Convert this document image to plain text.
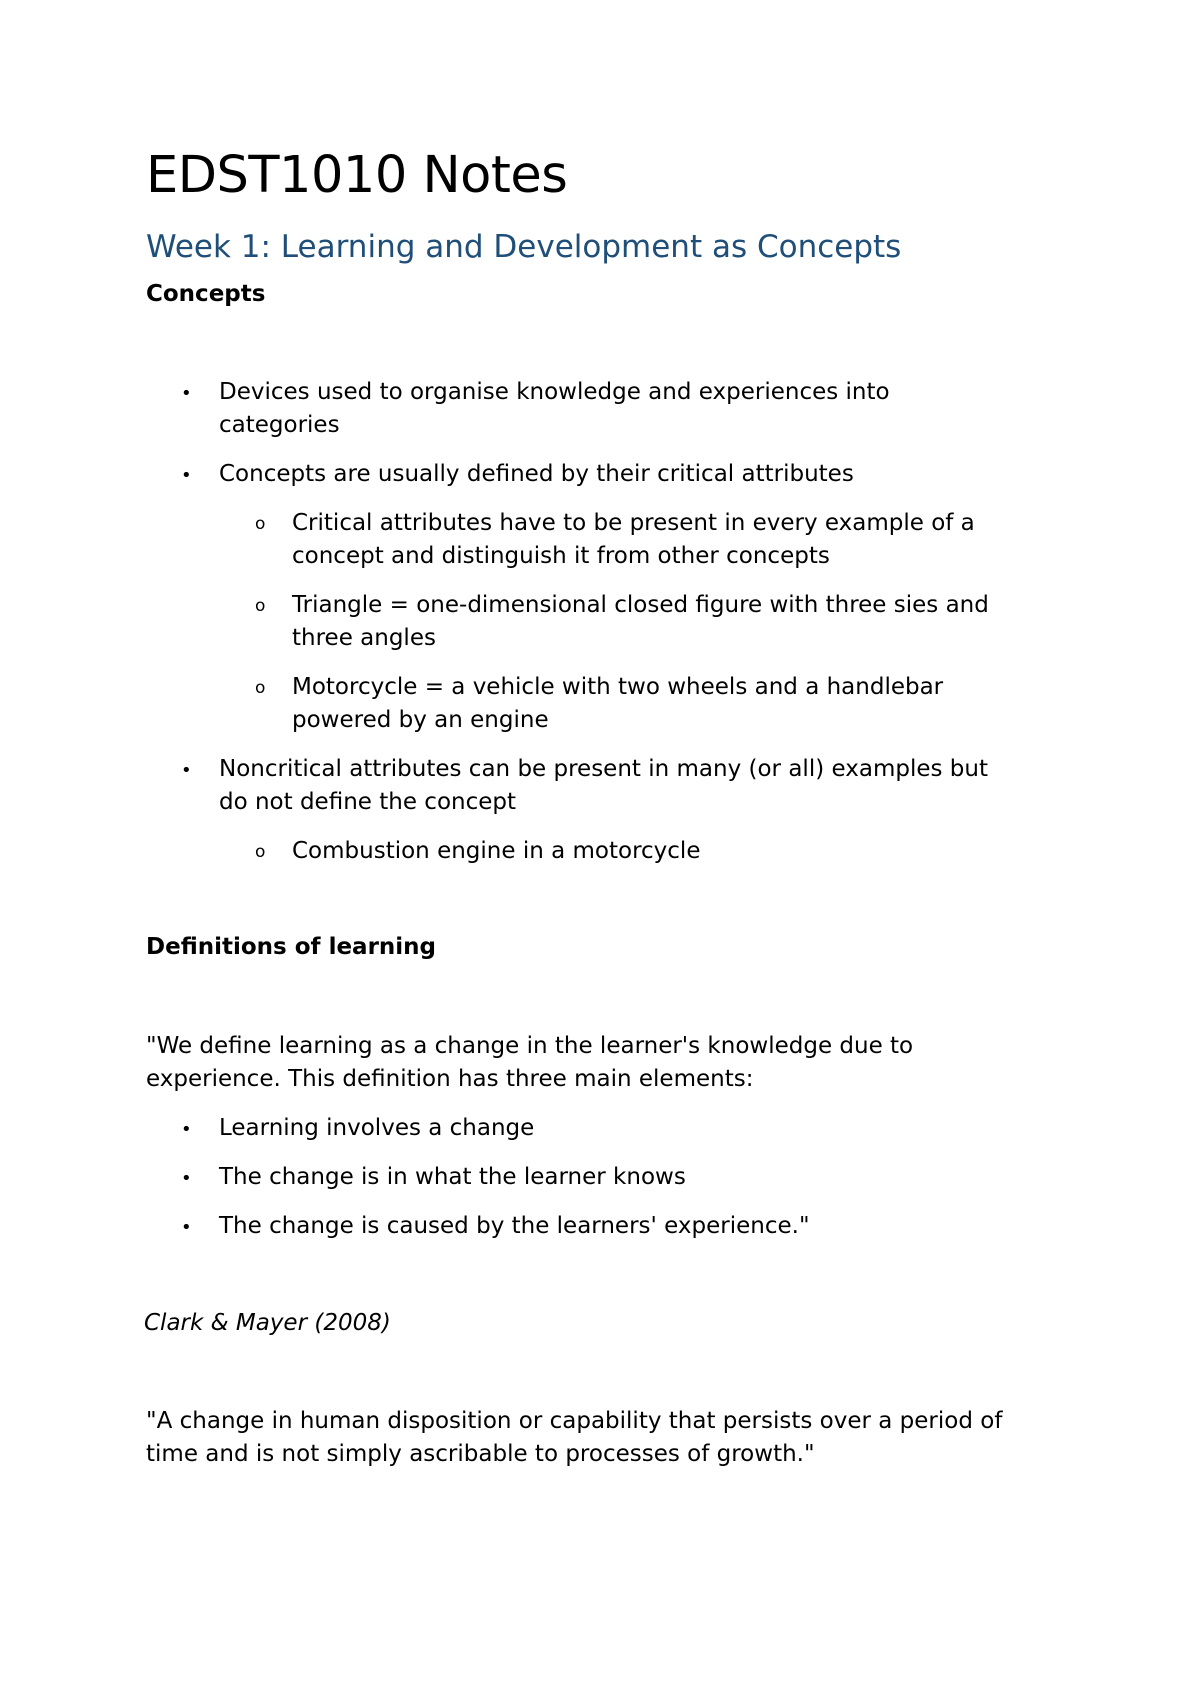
EDST1010 Notes
Week 1: Learning and Development as Concepts
Concepts
• Devices used to organise knowledge and experiences into

categories

• Concepts are usually defined by their critical attributes

o Critical attributes have to be present in every example of a

concept and distinguish it from other concepts

o Triangle = one-dimensional closed figure with three sies and

three angles

o Motorcycle = a vehicle with two wheels and a handlebar

powered by an engine

• Noncritical attributes can be present in many (or all) examples but

do not define the concept

o Combustion engine in a motorcycle

Definitions of learning

"We define learning as a change in the learner's knowledge due to

experience. This definition has three main elements:

• Learning involves a change

• The change is in what the learner knows

• The change is caused by the learners' experience."

Clark & Mayer (2008)

"A change in human disposition or capability that persists over a period of

time and is not simply ascribable to processes of growth."
